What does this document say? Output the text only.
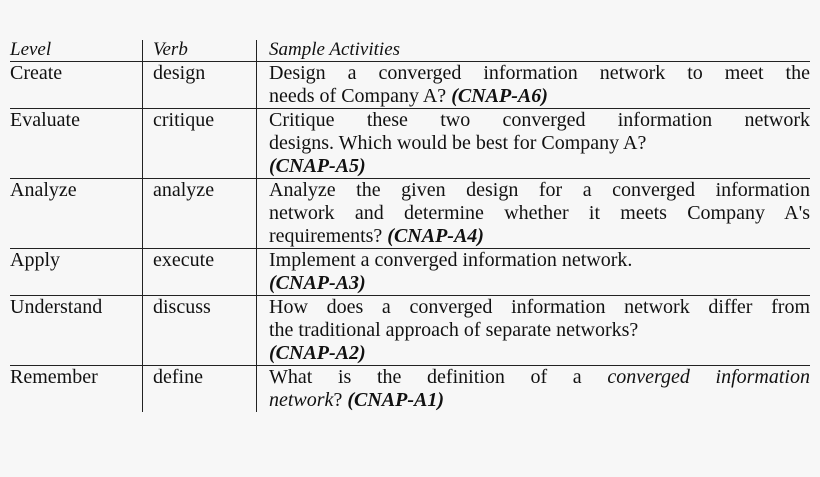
Level	Verb	Sample Activities
Create	design	Design a converged information network to meet the
needs of Company A? (CNAP-A6)
Evaluate	critique	Critique these two converged information network
designs. Which would be best for Company A?
(CNAP-A5)
Analyze	analyze	Analyze the given design for a converged information
network and determine whether it meets Company A's
requirements? (CNAP-A4)
Apply	execute	Implement a converged information network.
(CNAP-A3)
Understand	discuss	How does a converged information network differ from
the traditional approach of separate networks?
(CNAP-A2)
Remember	define	What is the definition of a converged information
network? (CNAP-A1)
